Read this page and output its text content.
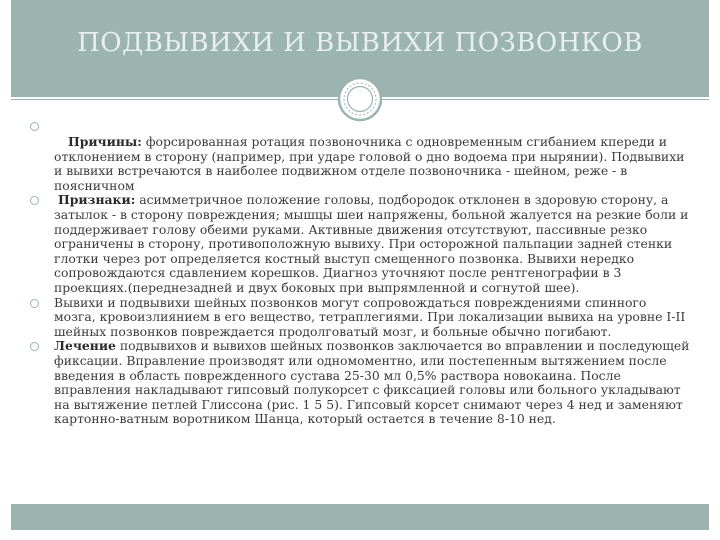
ПОДВЫВИХИ И ВЫВИХИ ПОЗВОНКОВ
Причины: форсированная ротация позвоночника с одновременным сгибанием кпереди и отклонением в сторону (например, при ударе головой о дно водоема при нырянии). Подвывихи и вывихи встречаются в наиболее подвижном отделе позвоночника - шейном, реже - в поясничном
Признаки: асимметричное положение головы, подбородок отклонен в здоровую сторону, а затылок - в сторону повреждения; мышцы шеи напряжены, больной жалуется на резкие боли и поддерживает голову обеими руками. Активные движения отсутствуют, пассивные резко ограничены в сторону, противоположную вывиху. При осторожной пальпации задней стенки глотки через рот определяется костный выступ смещенного позвонка. Вывихи нередко сопровождаются сдавлением корешков. Диагноз уточняют после рентгенографии в 3 проекциях.(переднезадней и двух боковых при выпрямленной и согнутой шее).
Вывихи и подвывихи шейных позвонков могут сопровождаться повреждениями спинного мозга, кровоизлиянием в его вещество, тетраплегиями. При локализации вывиха на уровне I-II шейных позвонков повреждается продолговатый мозг, и больные обычно погибают.
Лечение подвывихов и вывихов шейных позвонков заключается во вправлении и последующей фиксации. Вправление производят или одномоментно, или постепенным вытяжением после введения в область поврежденного сустава 25-30 мл 0,5% раствора новокаина. После вправления накладывают гипсовый полукорсет с фиксацией головы или больного укладывают на вытяжение петлей Глиссона (рис. 1 5 5). Гипсовый корсет снимают через 4 нед и заменяют картонно-ватным воротником Шанца, который остается в течение 8-10 нед.
